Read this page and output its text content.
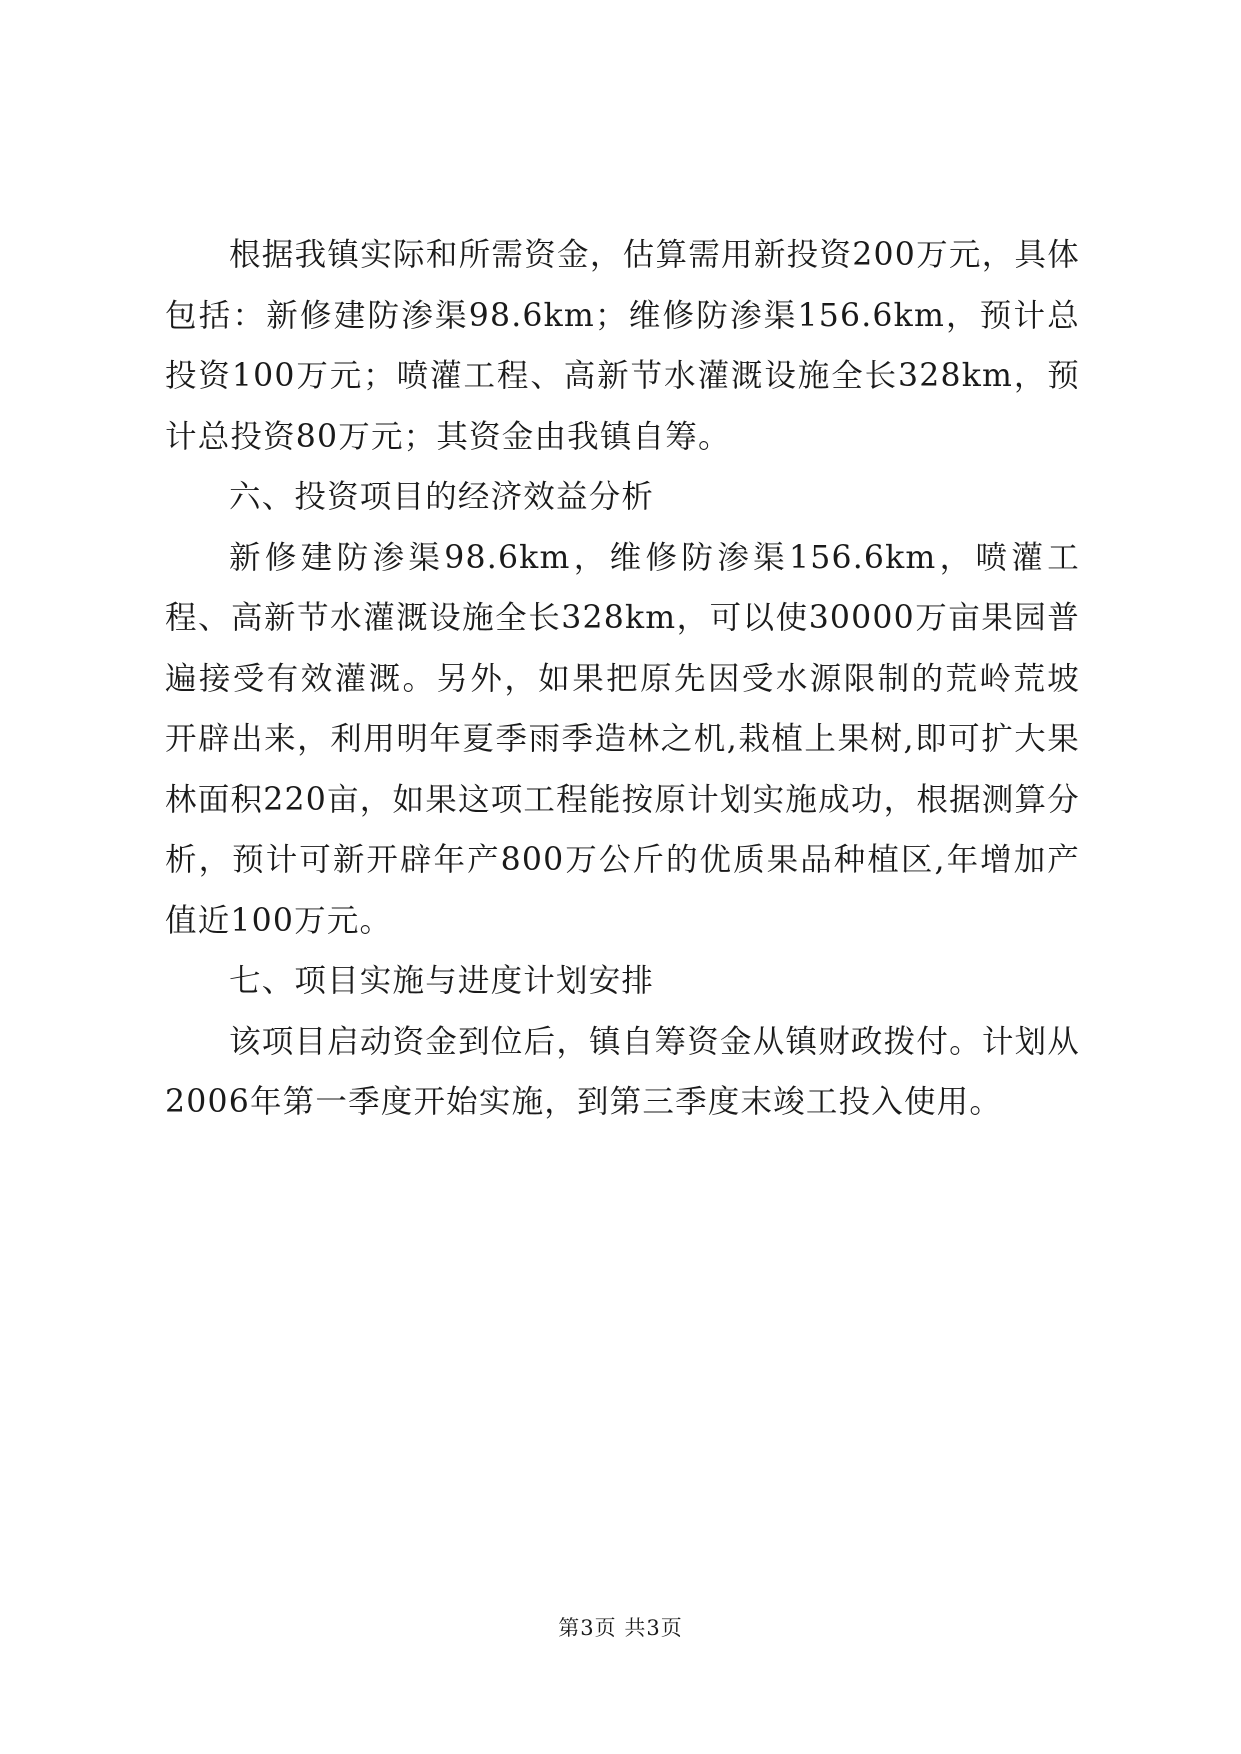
根据我镇实际和所需资金，估算需用新投资200万元，具体包括：新修建防渗渠98.6km；维修防渗渠156.6km，预计总投资100万元；喷灌工程、高新节水灌溉设施全长328km，预计总投资80万元；其资金由我镇自筹。

六、投资项目的经济效益分析

新修建防渗渠98.6km，维修防渗渠156.6km，喷灌工程、高新节水灌溉设施全长328km，可以使30000万亩果园普遍接受有效灌溉。另外，如果把原先因受水源限制的荒岭荒坡开辟出来，利用明年夏季雨季造林之机,栽植上果树,即可扩大果林面积220亩，如果这项工程能按原计划实施成功，根据测算分析，预计可新开辟年产800万公斤的优质果品种植区,年增加产值近100万元。

七、项目实施与进度计划安排

该项目启动资金到位后，镇自筹资金从镇财政拨付。计划从2006年第一季度开始实施，到第三季度末竣工投入使用。

第3页 共3页
